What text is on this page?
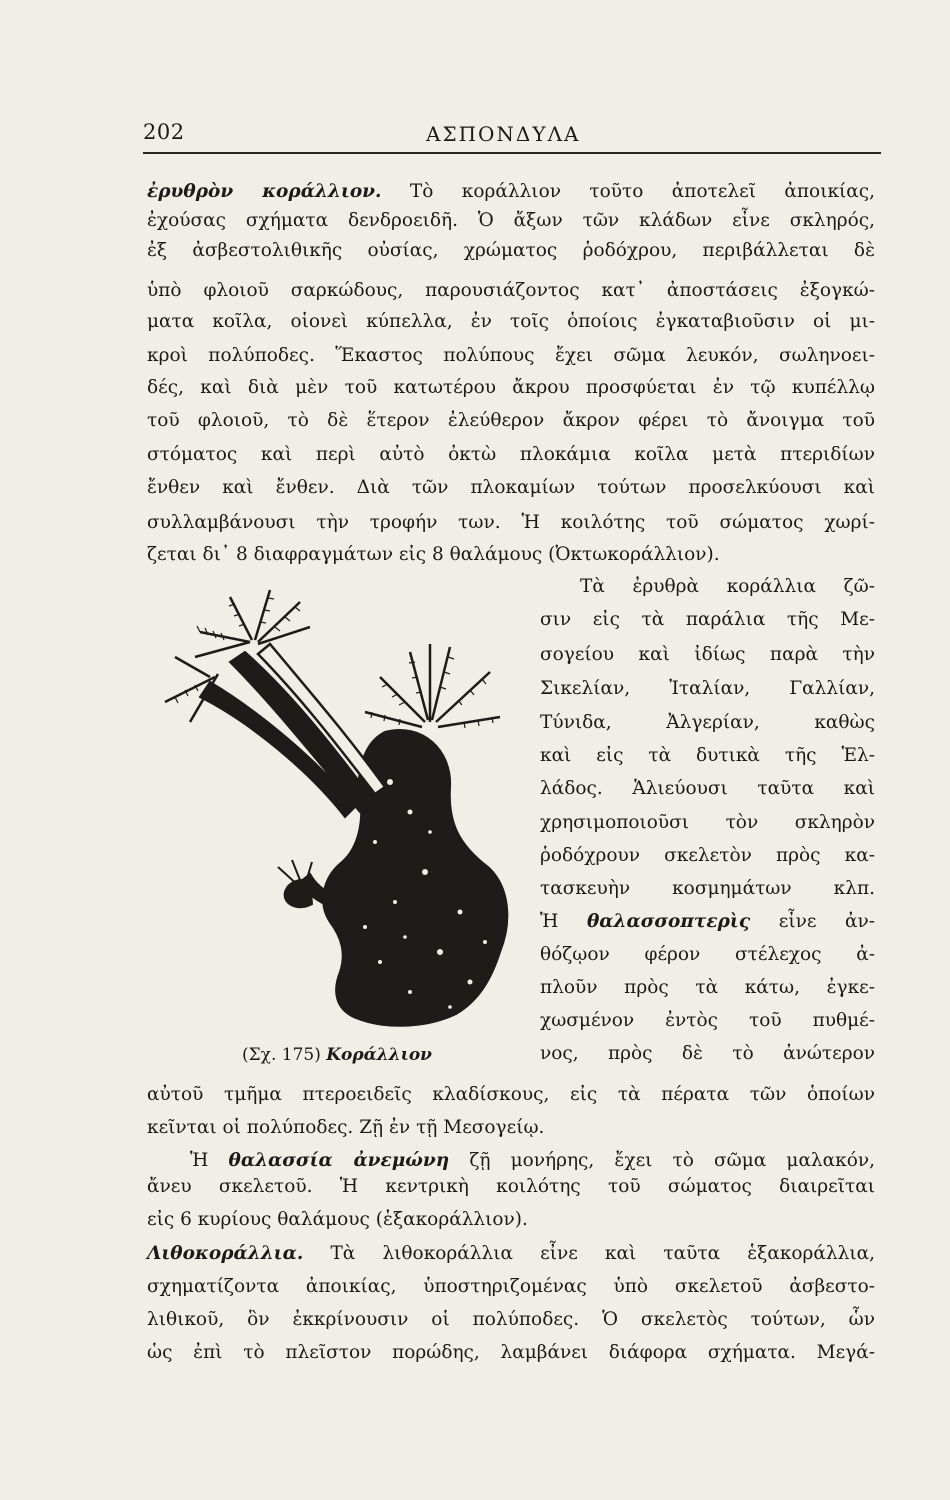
202	ΑΣΠΟΝΔΥΛΑ
ἐρυθρὸν κοράλλιον. Τὸ κοράλλιον τοῦτο ἀποτελεῖ ἀποικίας,
ἐχούσας σχήματα δενδροειδῆ. Ὁ ἄξων τῶν κλάδων εἶνε σκληρός,
ἐξ ἀσβεστολιθικῆς οὐσίας, χρώματος ῥοδόχρου, περιβάλλεται δὲ
ὑπὸ φλοιοῦ σαρκώδους, παρουσιάζοντος κατ᾽ ἀποστάσεις ἐξογκώ-
ματα κοῖλα, οἱονεὶ κύπελλα, ἐν τοῖς ὁποίοις ἐγκαταβιοῦσιν οἱ μι-
κροὶ πολύποδες. Ἕκαστος πολύπους ἔχει σῶμα λευκόν, σωληνοει-
δές, καὶ διὰ μὲν τοῦ κατωτέρου ἄκρου προσφύεται ἐν τῷ κυπέλλῳ
τοῦ φλοιοῦ, τὸ δὲ ἕτερον ἐλεύθερον ἄκρον φέρει τὸ ἄνοιγμα τοῦ
στόματος καὶ περὶ αὐτὸ ὀκτὼ πλοκάμια κοῖλα μετὰ πτεριδίων
ἔνθεν καὶ ἔνθεν. Διὰ τῶν πλοκαμίων τούτων προσελκύουσι καὶ
συλλαμβάνουσι τὴν τροφήν των. Ἡ κοιλότης τοῦ σώματος χωρί-
ζεται δι᾽ 8 διαφραγμάτων εἰς 8 θαλάμους (Ὀκτωκοράλλιον).
Τὰ ἐρυθρὰ κοράλλια ζῶ-
σιν εἰς τὰ παράλια τῆς Με-
σογείου καὶ ἰδίως παρὰ τὴν
Σικελίαν, Ἰταλίαν, Γαλλίαν,
Τύνιδα, Ἀλγερίαν, καθὼς
καὶ εἰς τὰ δυτικὰ τῆς Ἑλ-
λάδος. Ἁλιεύουσι ταῦτα καὶ
χρησιμοποιοῦσι τὸν σκληρὸν
ῥοδόχρουν σκελετὸν πρὸς κα-
τασκευὴν κοσμημάτων κλπ.
Ἡ θαλασσοπτερὶς εἶνε ἀν-
θόζῳον φέρον στέλεχος ἀ-
πλοῦν πρὸς τὰ κάτω, ἐγκε-
χωσμένον ἐντὸς τοῦ πυθμέ-
νος, πρὸς δὲ τὸ ἀνώτερον
(Σχ. 175) Κοράλλιον
αὐτοῦ τμῆμα πτεροειδεῖς κλαδίσκους, εἰς τὰ πέρατα τῶν ὁποίων
κεῖνται οἱ πολύποδες. Ζῇ ἐν τῇ Μεσογείῳ.
Ἡ θαλασσία ἀνεμώνη ζῇ μονήρης, ἔχει τὸ σῶμα μαλακόν,
ἄνευ σκελετοῦ. Ἡ κεντρικὴ κοιλότης τοῦ σώματος διαιρεῖται
εἰς 6 κυρίους θαλάμους (ἑξακοράλλιον).
Λιθοκοράλλια. Τὰ λιθοκοράλλια εἶνε καὶ ταῦτα ἑξακοράλλια,
σχηματίζοντα ἀποικίας, ὑποστηριζομένας ὑπὸ σκελετοῦ ἀσβεστο-
λιθικοῦ, ὃν ἐκκρίνουσιν οἱ πολύποδες. Ὁ σκελετὸς τούτων, ὧν
ὡς ἐπὶ τὸ πλεῖστον πορώδης, λαμβάνει διάφορα σχήματα. Μεγά-
